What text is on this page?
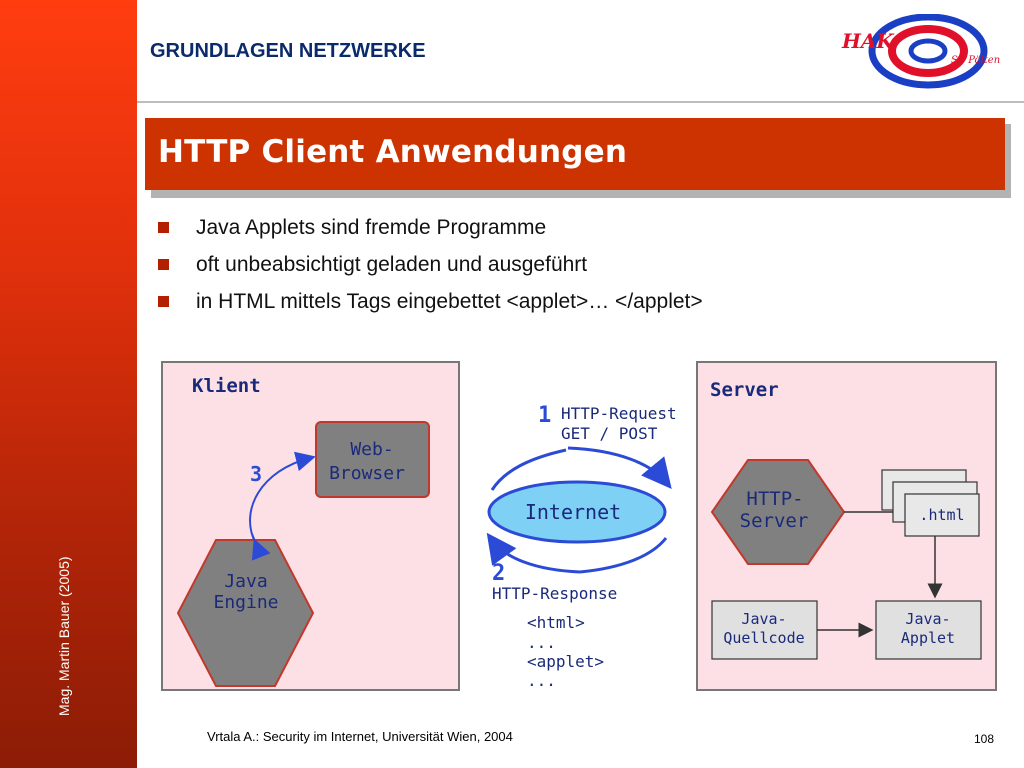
Mag. Martin Bauer (2005)
GRUNDLAGEN NETZWERKE	HAK
St. Pölten
HTTP Client Anwendungen
Java Applets sind fremde Programme
oft unbeabsichtigt geladen und ausgeführt
in HTML mittels Tags eingebettet <applet>… </applet>
Klient
Web-
Browser
Java
Engine
3
1 HTTP-Request
GET / POST
Internet
2
HTTP-Response
<html>
...
<applet>
...
Server
HTTP-
Server	.html
Java-
Quellcode
Java-
Applet
Vrtala A.: Security im Internet, Universität Wien, 2004	108
